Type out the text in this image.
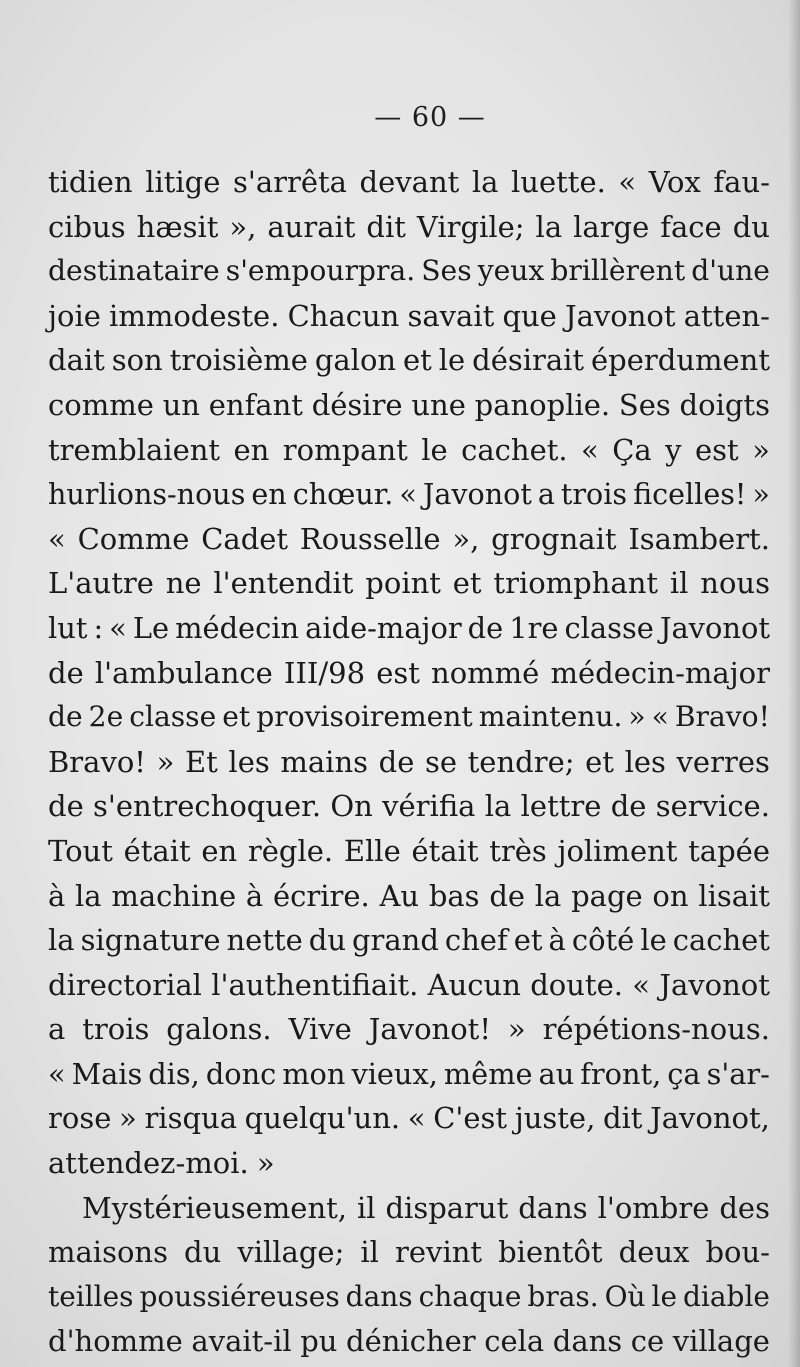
— 60 —
tidien litige s'arrêta devant la luette. « Vox fau-
cibus hæsit », aurait dit Virgile; la large face du
destinataire s'empourpra. Ses yeux brillèrent d'une
joie immodeste. Chacun savait que Javonot atten-
dait son troisième galon et le désirait éperdument
comme un enfant désire une panoplie. Ses doigts
tremblaient en rompant le cachet. « Ça y est »
hurlions-nous en chœur. « Javonot a trois ficelles! »
« Comme Cadet Rousselle », grognait Isambert.
L'autre ne l'entendit point et triomphant il nous
lut : « Le médecin aide-major de 1re classe Javonot
de l'ambulance III/98 est nommé médecin-major
de 2e classe et provisoirement maintenu. » « Bravo!
Bravo! » Et les mains de se tendre; et les verres
de s'entrechoquer. On vérifia la lettre de service.
Tout était en règle. Elle était très joliment tapée
à la machine à écrire. Au bas de la page on lisait
la signature nette du grand chef et à côté le cachet
directorial l'authentifiait. Aucun doute. « Javonot
a trois galons. Vive Javonot! » répétions-nous.
« Mais dis, donc mon vieux, même au front, ça s'ar-
rose » risqua quelqu'un. « C'est juste, dit Javonot,
attendez-moi. »
Mystérieusement, il disparut dans l'ombre des
maisons du village; il revint bientôt deux bou-
teilles poussiéreuses dans chaque bras. Où le diable
d'homme avait-il pu dénicher cela dans ce village
